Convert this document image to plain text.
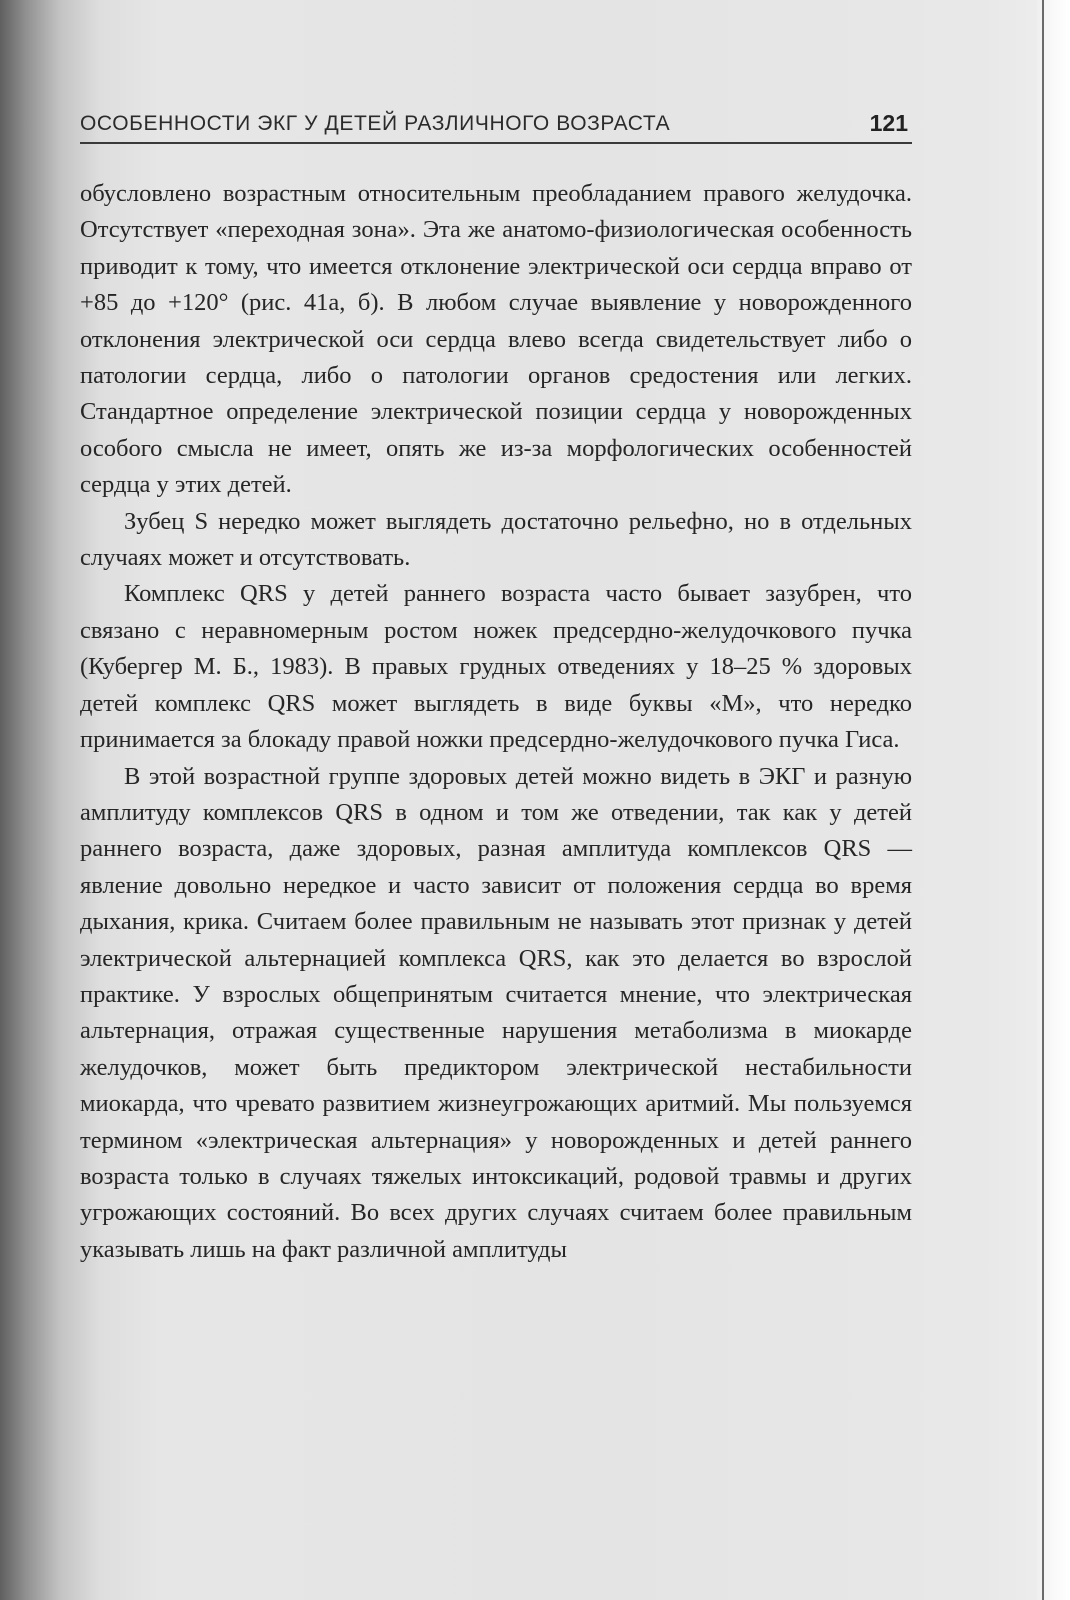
ОСОБЕННОСТИ ЭКГ У ДЕТЕЙ РАЗЛИЧНОГО ВОЗРАСТА	121

обусловлено возрастным относительным преобладанием правого желудочка. Отсутствует «переходная зона». Эта же анатомо-физиологическая особенность приводит к тому, что имеется отклонение электрической оси сердца вправо от +85 до +120° (рис. 41а, б). В любом случае выявление у новорожденного отклонения электрической оси сердца влево всегда свидетельствует либо о патологии сердца, либо о патологии органов средостения или легких. Стандартное определение электрической позиции сердца у новорожденных особого смысла не имеет, опять же из-за морфологических особенностей сердца у этих детей.

Зубец S нередко может выглядеть достаточно рельефно, но в отдельных случаях может и отсутствовать.

Комплекс QRS у детей раннего возраста часто бывает зазубрен, что связано с неравномерным ростом ножек предсердно-желудочкового пучка (Кубергер М. Б., 1983). В правых грудных отведениях у 18–25 % здоровых детей комплекс QRS может выглядеть в виде буквы «М», что нередко принимается за блокаду правой ножки предсердно-желудочкового пучка Гиса.

В этой возрастной группе здоровых детей можно видеть в ЭКГ и разную амплитуду комплексов QRS в одном и том же отведении, так как у детей раннего возраста, даже здоровых, разная амплитуда комплексов QRS — явление довольно нередкое и часто зависит от положения сердца во время дыхания, крика. Считаем более правильным не называть этот признак у детей электрической альтернацией комплекса QRS, как это делается во взрослой практике. У взрослых общепринятым считается мнение, что электрическая альтернация, отражая существенные нарушения метаболизма в миокарде желудочков, может быть предиктором электрической нестабильности миокарда, что чревато развитием жизнеугрожающих аритмий. Мы пользуемся термином «электрическая альтернация» у новорожденных и детей раннего возраста только в случаях тяжелых интоксикаций, родовой травмы и других угрожающих состояний. Во всех других случаях считаем более правильным указывать лишь на факт различной амплитуды
